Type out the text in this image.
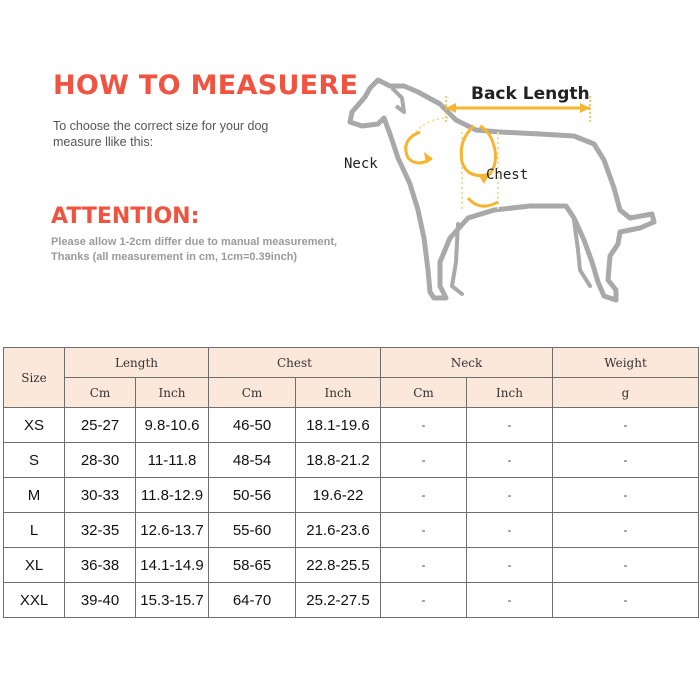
HOW TO MEASUERE
To choose the correct size for your dog
measure llike this:
ATTENTION:
Please allow 1-2cm differ due to manual measurement,
Thanks (all measurement in cm, 1cm=0.39inch)
Back Length
Neck
Chest
Size	Length		Chest		Neck		Weight
	Cm	Inch	Cm	Inch	Cm	Inch	g
XS	25-27	9.8-10.6	46-50	18.1-19.6	-	-	-
S	28-30	11-11.8	48-54	18.8-21.2	-	-	-
M	30-33	11.8-12.9	50-56	19.6-22	-	-	-
L	32-35	12.6-13.7	55-60	21.6-23.6	-	-	-
XL	36-38	14.1-14.9	58-65	22.8-25.5	-	-	-
XXL	39-40	15.3-15.7	64-70	25.2-27.5	-	-	-
